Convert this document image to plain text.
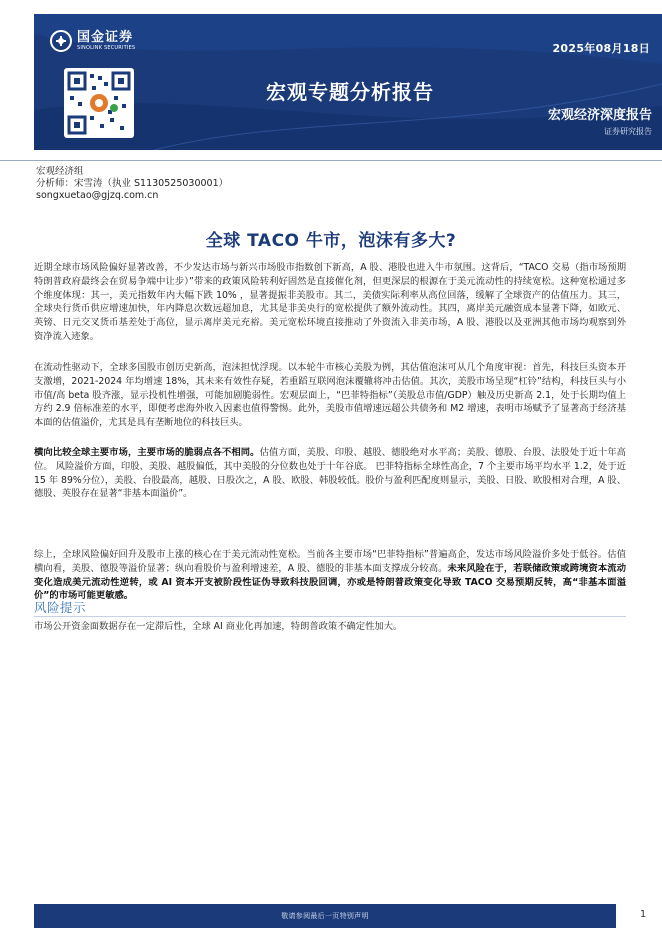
国金证券
SINOLINK SECURITIES	2025年08月18日
宏观专题分析报告
宏观经济深度报告
证券研究报告
宏观经济组
分析师：宋雪涛（执业 S1130525030001）
songxuetao@gjzq.com.cn
全球 TACO 牛市，泡沫有多大?

近期全球市场风险偏好显著改善，不少发达市场与新兴市场股市指数创下新高，A 股、港股也进入牛市氛围。这背后，“TACO 交易（指市场预期特朗普政府最终会在贸易争端中让步）”带来的政策风险转利好固然是直接催化剂，但更深层的根源在于美元流动性的持续宽松。这种宽松通过多个维度体现：其一，美元指数年内大幅下跌 10% ，显著提振非美股市。其二，美债实际利率从高位回落，缓解了全球资产的估值压力。其三，全球央行货币供应增速加快，年内降息次数远超加息，尤其是非美央行的宽松提供了额外流动性。其四，离岸美元融资成本显著下降，如欧元、英镑、日元交叉货币基差处于高位，显示离岸美元充裕。美元宽松环境直接推动了外资流入非美市场，A 股、港股以及亚洲其他市场均观察到外资净流入迹象。

在流动性驱动下，全球多国股市创历史新高，泡沫担忧浮现。以本轮牛市核心美股为例，其估值泡沫可从几个角度审视：首先，科技巨头资本开支激增，2021-2024 年均增速 18%，其未来有效性存疑，若重蹈互联网泡沫覆辙将冲击估值。其次，美股市场呈现“杠铃”结构，科技巨头与小市值/高 beta 股齐涨，显示投机性增强，可能加剧脆弱性。宏观层面上，“巴菲特指标”（美股总市值/GDP）触及历史新高 2.1，处于长期均值上方约 2.9 倍标准差的水平，即便考虑海外收入因素也值得警惕。此外，美股市值增速远超公共债务和 M2 增速，表明市场赋予了显著高于经济基本面的估值溢价，尤其是具有垄断地位的科技巨头。

横向比较全球主要市场，主要市场的脆弱点各不相同。估值方面，美股、印股、越股、德股绝对水平高；美股、德股、台股、法股处于近十年高位。 风险溢价方面，印股、美股、越股偏低，其中美股的分位数也处于十年谷底。 巴菲特指标全球性高企，7 个主要市场平均水平 1.2，处于近 15 年 89%分位），美股、台股最高，越股、日股次之，A 股、欧股、韩股较低。股价与盈利匹配度则显示，美股、日股、欧股相对合理，A 股、德股、英股存在显著“非基本面溢价”。

综上，全球风险偏好回升及股市上涨的核心在于美元流动性宽松。当前各主要市场“巴菲特指标”普遍高企，发达市场风险溢价多处于低谷。估值横向看，美股、德股等溢价显著；纵向看股价与盈利增速差，A 股、德股的非基本面支撑成分较高。未来风险在于，若联储政策或跨境资本流动变化造成美元流动性逆转，或 AI 资本开支被阶段性证伪导致科技股回调，亦或是特朗普政策变化导致 TACO 交易预期反转，高“非基本面溢价”的市场可能更敏感。

风险提示

市场公开资金面数据存在一定滞后性，全球 AI 商业化再加速，特朗普政策不确定性加大。

敬请参阅最后一页特别声明	1
